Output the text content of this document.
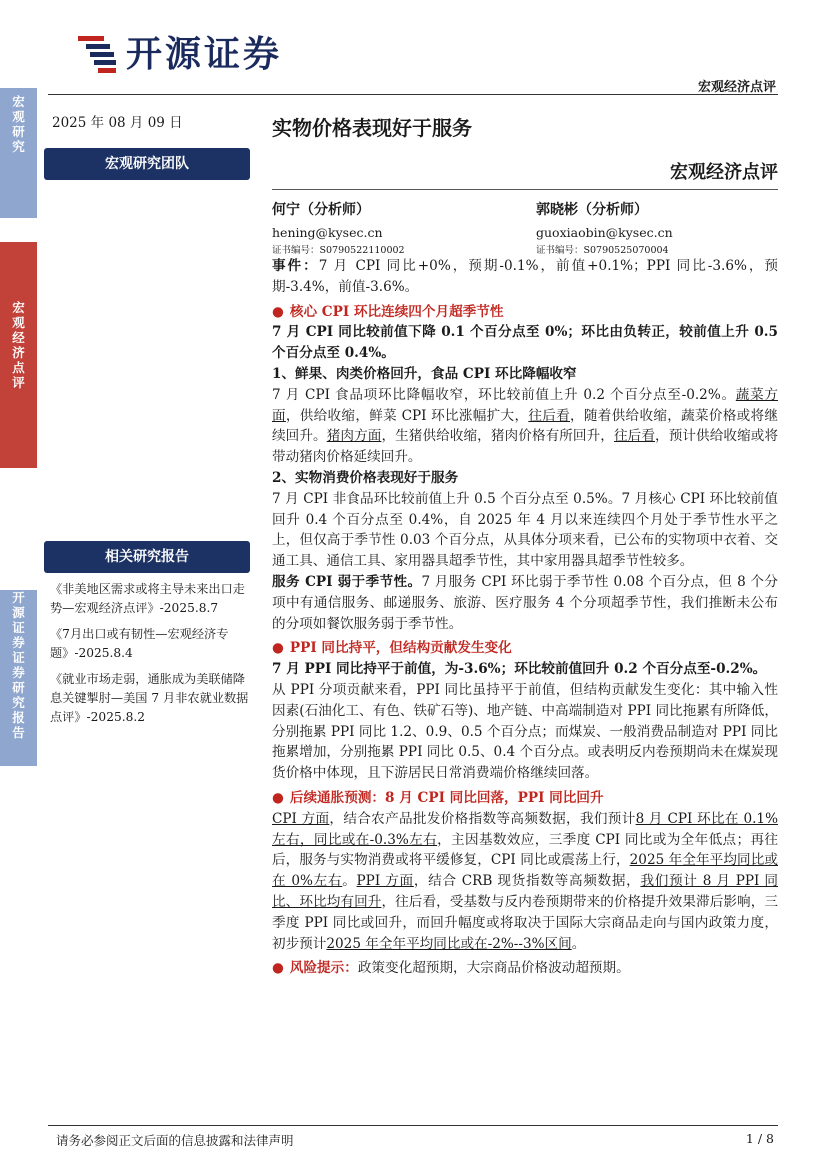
开源证券
宏观经济点评
宏观研究
宏观经济点评
开源证券 证券研究报告
2025 年 08 月 09 日
宏观研究团队
相关研究报告
《非美地区需求或将主导未来出口走势—宏观经济点评》-2025.8.7
《7月出口或有韧性—宏观经济专题》-2025.8.4
《就业市场走弱，通胀成为美联储降息关键掣肘—美国 7 月非农就业数据点评》-2025.8.2
实物价格表现好于服务
宏观经济点评
何宁（分析师）
hening@kysec.cn
证书编号：S0790522110002
郭晓彬（分析师）
guoxiaobin@kysec.cn
证书编号：S0790525070004

事件：7 月 CPI 同比+0%，预期-0.1%，前值+0.1%；PPI 同比-3.6%，预期-3.4%，前值-3.6%。

● 核心 CPI 环比连续四个月超季节性

7 月 CPI 同比较前值下降 0.1 个百分点至 0%；环比由负转正，较前值上升 0.5 个百分点至 0.4%。

1、鲜果、肉类价格回升，食品 CPI 环比降幅收窄

7 月 CPI 食品项环比降幅收窄，环比较前值上升 0.2 个百分点至-0.2%。蔬菜方面，供给收缩，鲜菜 CPI 环比涨幅扩大，往后看，随着供给收缩，蔬菜价格或将继续回升。猪肉方面，生猪供给收缩，猪肉价格有所回升，往后看，预计供给收缩或将带动猪肉价格延续回升。

2、实物消费价格表现好于服务

7 月 CPI 非食品环比较前值上升 0.5 个百分点至 0.5%。7 月核心 CPI 环比较前值回升 0.4 个百分点至 0.4%，自 2025 年 4 月以来连续四个月处于季节性水平之上，但仅高于季节性 0.03 个百分点，从具体分项来看，已公布的实物项中衣着、交通工具、通信工具、家用器具超季节性，其中家用器具超季节性较多。

服务 CPI 弱于季节性。7 月服务 CPI 环比弱于季节性 0.08 个百分点，但 8 个分项中有通信服务、邮递服务、旅游、医疗服务 4 个分项超季节性，我们推断未公布的分项如餐饮服务弱于季节性。

● PPI 同比持平，但结构贡献发生变化

7 月 PPI 同比持平于前值，为-3.6%；环比较前值回升 0.2 个百分点至-0.2%。

从 PPI 分项贡献来看，PPI 同比虽持平于前值，但结构贡献发生变化：其中输入性因素(石油化工、有色、铁矿石等)、地产链、中高端制造对 PPI 同比拖累有所降低，分别拖累 PPI 同比 1.2、0.9、0.5 个百分点；而煤炭、一般消费品制造对 PPI 同比拖累增加，分别拖累 PPI 同比 0.5、0.4 个百分点。或表明反内卷预期尚未在煤炭现货价格中体现，且下游居民日常消费端价格继续回落。

● 后续通胀预测：8 月 CPI 同比回落，PPI 同比回升

CPI 方面，结合农产品批发价格指数等高频数据，我们预计8 月 CPI 环比在 0.1%左右，同比或在-0.3%左右，主因基数效应，三季度 CPI 同比或为全年低点；再往后，服务与实物消费或将平缓修复，CPI 同比或震荡上行，2025 年全年平均同比或在 0%左右。PPI 方面，结合 CRB 现货指数等高频数据，我们预计 8 月 PPI 同比、环比均有回升，往后看，受基数与反内卷预期带来的价格提升效果滞后影响，三季度 PPI 同比或回升，而回升幅度或将取决于国际大宗商品走向与国内政策力度，初步预计2025 年全年平均同比或在-2%--3%区间。

● 风险提示：政策变化超预期，大宗商品价格波动超预期。

请务必参阅正文后面的信息披露和法律声明	1 / 8
